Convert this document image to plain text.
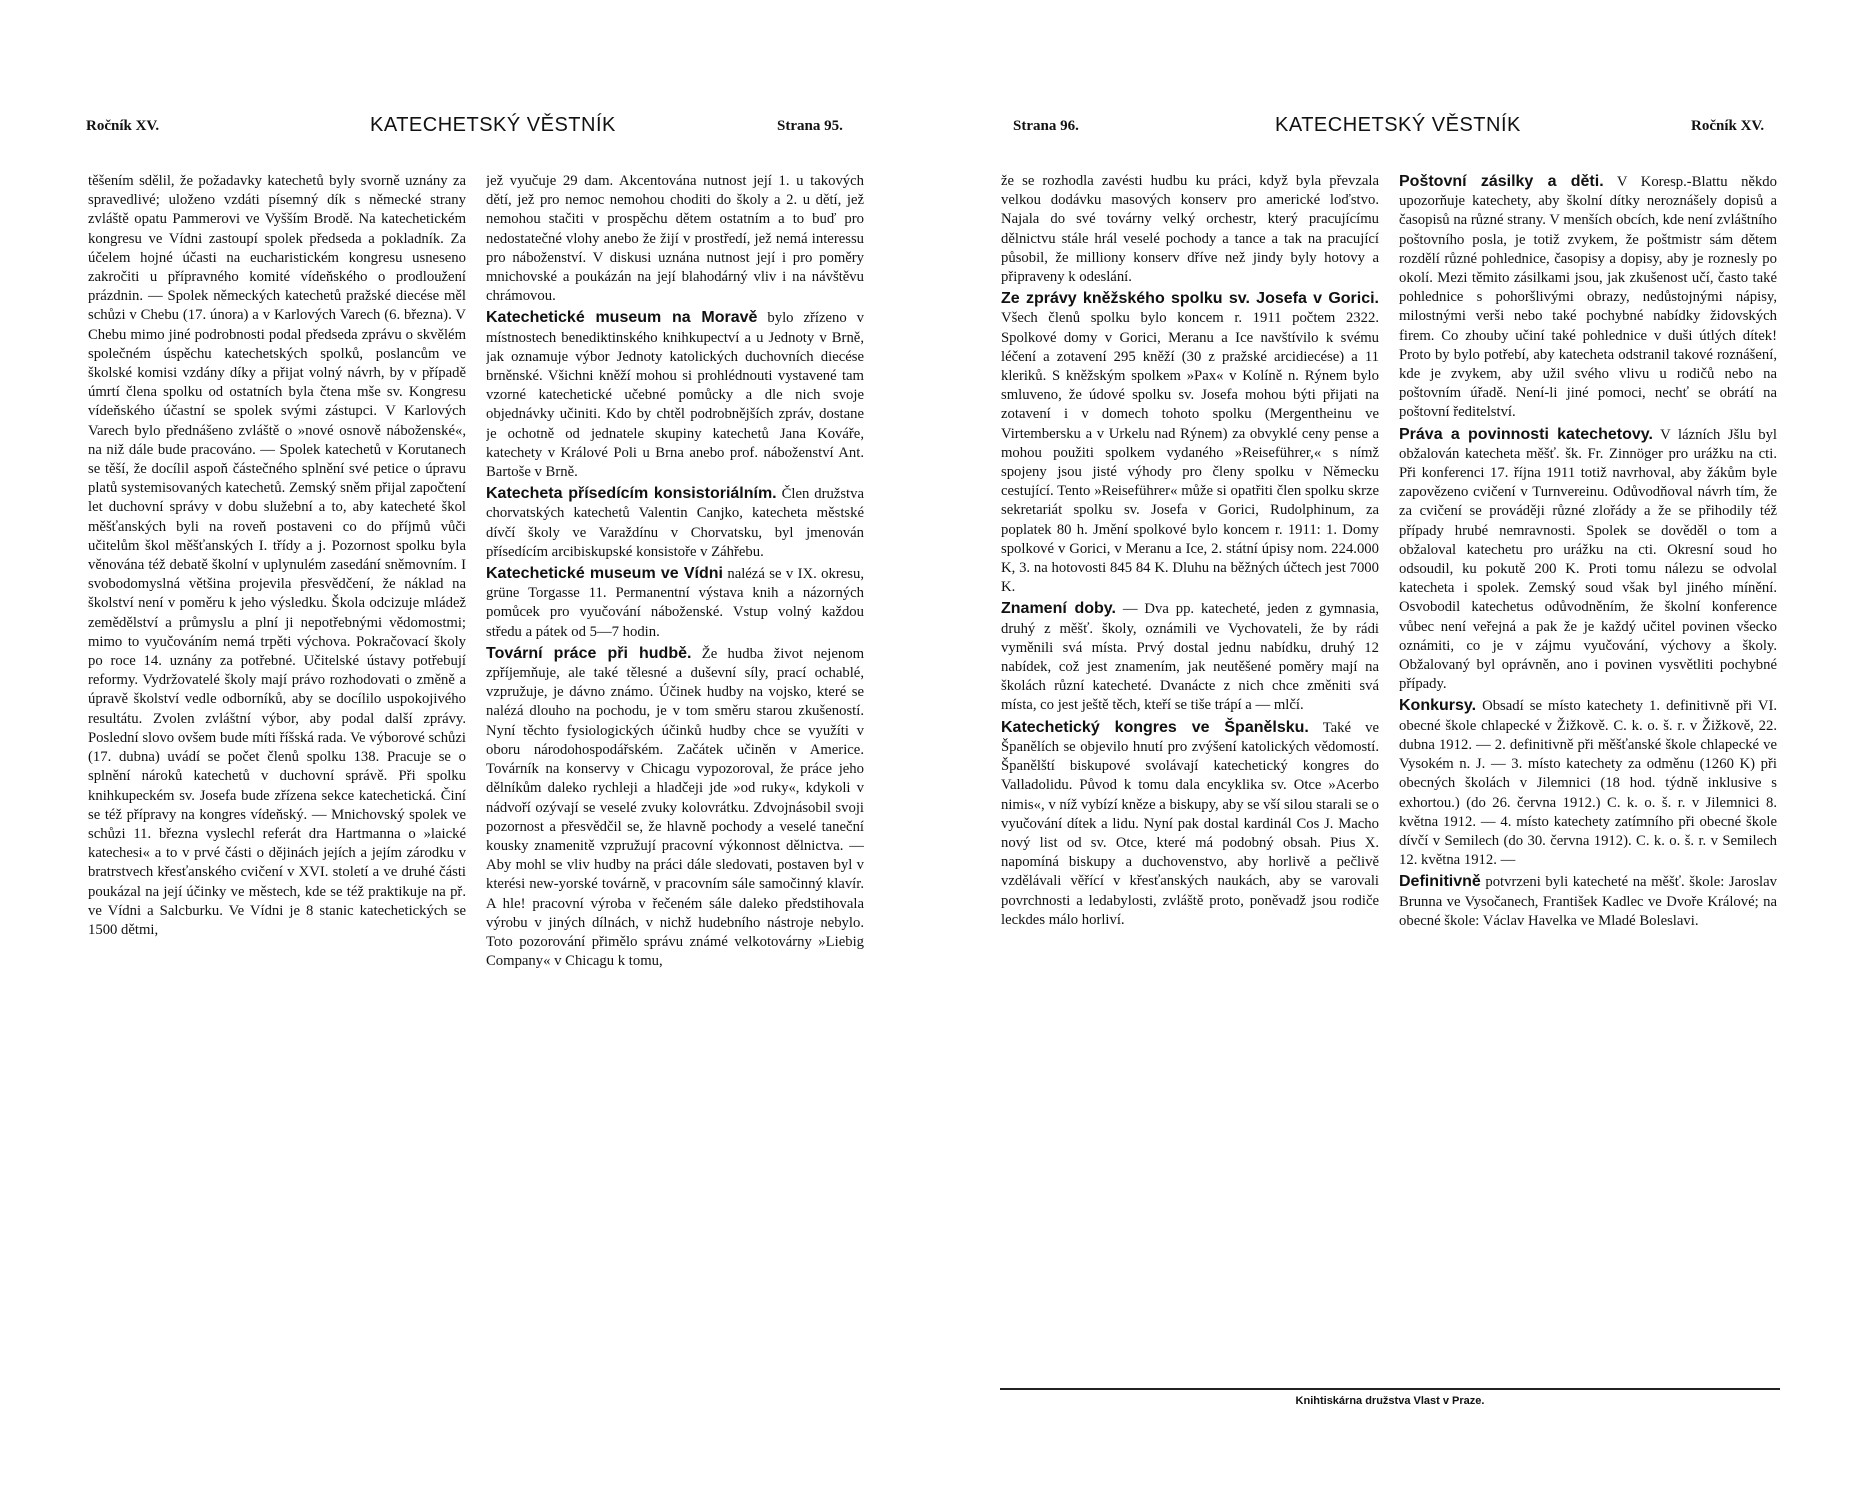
Ročník XV.	KATECHETSKÝ VĚSTNÍK	Strana 95.

těšením sdělil, že požadavky katechetů byly svorně uznány za spravedlivé; uloženo vzdáti písemný dík s německé strany zvláště opatu Pammerovi ve Vyšším Brodě. Na katechetickém kongresu ve Vídni zastoupí spolek předseda a pokladník. Za účelem hojné účasti na eucharistickém kongresu usneseno zakročiti u přípravného komité vídeňského o prodloužení prázdnin. — Spolek německých katechetů pražské diecése měl schůzi v Chebu (17. února) a v Karlových Varech (6. března). V Chebu mimo jiné podrobnosti podal předseda zprávu o skvělém společném úspěchu katechetských spolků, poslancům ve školské komisi vzdány díky a přijat volný návrh, by v případě úmrtí člena spolku od ostatních byla čtena mše sv. Kongresu vídeňského účastní se spolek svými zástupci. V Karlových Varech bylo přednášeno zvláště o »nové osnově náboženské«, na niž dále bude pracováno. — Spolek katechetů v Korutanech se těší, že docílil aspoň částečného splnění své petice o úpravu platů systemisovaných katechetů. Zemský sněm přijal započtení let duchovní správy v dobu služební a to, aby katecheté škol měšťanských byli na roveň postaveni co do příjmů vůči učitelům škol měšťanských I. třídy a j. Pozornost spolku byla věnována též debatě školní v uplynulém zasedání sněmovním. I svobodomyslná většina projevila přesvědčení, že náklad na školství není v poměru k jeho výsledku. Škola odcizuje mládež zemědělství a průmyslu a plní ji nepotřebnými vědomostmi; mimo to vyučováním nemá trpěti výchova. Pokračovací školy po roce 14. uznány za potřebné. Učitelské ústavy potřebují reformy. Vydržovatelé školy mají právo rozhodovati o změně a úpravě školství vedle odborníků, aby se docílilo uspokojivého resultátu. Zvolen zvláštní výbor, aby podal další zprávy. Poslední slovo ovšem bude míti říšská rada. Ve výborové schůzi (17. dubna) uvádí se počet členů spolku 138. Pracuje se o splnění nároků katechetů v duchovní správě. Při spolku knihkupeckém sv. Josefa bude zřízena sekce katechetická. Činí se též přípravy na kongres vídeňský. — Mnichovský spolek ve schůzi 11. března vyslechl referát dra Hartmanna o »laické katechesi« a to v prvé části o dějinách jejích a jejím zárodku v bratrstvech křesťanského cvičení v XVI. století a ve druhé části poukázal na její účinky ve městech, kde se též praktikuje na př. ve Vídni a Salcburku. Ve Vídni je 8 stanic katechetických se 1500 dětmi,

jež vyučuje 29 dam. Akcentována nutnost její 1. u takových dětí, jež pro nemoc nemohou choditi do školy a 2. u dětí, jež nemohou stačiti v prospěchu dětem ostatním a to buď pro nedostatečné vlohy anebo že žijí v prostředí, jež nemá interessu pro náboženství. V diskusi uznána nutnost její i pro poměry mnichovské a poukázán na její blahodárný vliv i na návštěvu chrámovou.

Katechetické museum na Moravě bylo zřízeno v místnostech benediktinského knihkupectví a u Jednoty v Brně, jak oznamuje výbor Jednoty katolických duchovních diecése brněnské. Všichni kněží mohou si prohlédnouti vystavené tam vzorné katechetické učebné pomůcky a dle nich svoje objednávky učiniti. Kdo by chtěl podrobnějších zpráv, dostane je ochotně od jednatele skupiny katechetů Jana Kováře, katechety v Králové Poli u Brna anebo prof. náboženství Ant. Bartoše v Brně.

Katecheta přísedícím konsistoriálním. Člen družstva chorvatských katechetů Valentin Canjko, katecheta městské dívčí školy ve Varaždínu v Chorvatsku, byl jmenován přísedícím arcibiskupské konsistoře v Záhřebu.

Katechetické museum ve Vídni nalézá se v IX. okresu, grüne Torgasse 11. Permanentní výstava knih a názorných pomůcek pro vyučování náboženské. Vstup volný každou středu a pátek od 5—7 hodin.

Tovární práce při hudbě. Že hudba život nejenom zpříjemňuje, ale také tělesné a duševní síly, prací ochablé, vzpružuje, je dávno známo. Účinek hudby na vojsko, které se nalézá dlouho na pochodu, je v tom směru starou zkušeností. Nyní těchto fysiologických účinků hudby chce se využíti v oboru národohospodářském. Začátek učiněn v Americe. Továrník na konservy v Chicagu vypozoroval, že práce jeho dělníkům daleko rychleji a hladčeji jde »od ruky«, kdykoli v nádvoří ozývají se veselé zvuky kolovrátku. Zdvojnásobil svoji pozornost a přesvědčil se, že hlavně pochody a veselé taneční kousky znamenitě vzpružují pracovní výkonnost dělnictva. — Aby mohl se vliv hudby na práci dále sledovati, postaven byl v kterési new-yorské továrně, v pracovním sále samočinný klavír. A hle! pracovní výroba v řečeném sále daleko předstihovala výrobu v jiných dílnách, v nichž hudebního nástroje nebylo. Toto pozorování přimělo správu známé velkotovárny »Liebig Company« v Chicagu k tomu,

Strana 96.	KATECHETSKÝ VĚSTNÍK	Ročník XV.

že se rozhodla zavésti hudbu ku práci, když byla převzala velkou dodávku masových konserv pro americké loďstvo. Najala do své továrny velký orchestr, který pracujícímu dělnictvu stále hrál veselé pochody a tance a tak na pracující působil, že milliony konserv dříve než jindy byly hotovy a připraveny k odeslání.

Ze zprávy kněžského spolku sv. Josefa v Gorici. Všech členů spolku bylo koncem r. 1911 počtem 2322. Spolkové domy v Gorici, Meranu a Ice navštívilo k svému léčení a zotavení 295 kněží (30 z pražské arcidiecése) a 11 kleriků. S kněžským spolkem »Pax« v Kolíně n. Rýnem bylo smluveno, že údové spolku sv. Josefa mohou býti přijati na zotavení i v domech tohoto spolku (Mergentheinu ve Virtembersku a v Urkelu nad Rýnem) za obvyklé ceny pense a mohou použiti spolkem vydaného »Reiseführer,« s nímž spojeny jsou jisté výhody pro členy spolku v Německu cestující. Tento »Reiseführer« může si opatřiti člen spolku skrze sekretariát spolku sv. Josefa v Gorici, Rudolphinum, za poplatek 80 h. Jmění spolkové bylo koncem r. 1911: 1. Domy spolkové v Gorici, v Meranu a Ice, 2. státní úpisy nom. 224.000 K, 3. na hotovosti 845 84 K. Dluhu na běžných účtech jest 7000 K.

Znamení doby. — Dva pp. katecheté, jeden z gymnasia, druhý z měšť. školy, oznámili ve Vychovateli, že by rádi vyměnili svá místa. Prvý dostal jednu nabídku, druhý 12 nabídek, což jest znamením, jak neutěšené poměry mají na školách různí katecheté. Dvanácte z nich chce změniti svá místa, co jest ještě těch, kteří se tiše trápí a — mlčí.

Katechetický kongres ve Španělsku. Také ve Španělích se objevilo hnutí pro zvýšení katolických vědomostí. Španělští biskupové svolávají katechetický kongres do Valladolidu. Původ k tomu dala encyklika sv. Otce »Acerbo nimis«, v níž vybízí kněze a biskupy, aby se vší silou starali se o vyučování dítek a lidu. Nyní pak dostal kardinál Cos J. Macho nový list od sv. Otce, které má podobný obsah. Pius X. napomíná biskupy a duchovenstvo, aby horlivě a pečlivě vzdělávali věřící v křesťanských naukách, aby se varovali povrchnosti a ledabylosti, zvláště proto, poněvadž jsou rodiče leckdes málo horliví.

Poštovní zásilky a děti. V Koresp.-Blattu někdo upozorňuje katechety, aby školní dítky neroznášely dopisů a časopisů na různé strany. V menších obcích, kde není zvláštního poštovního posla, je totiž zvykem, že poštmistr sám dětem rozdělí různé pohlednice, časopisy a dopisy, aby je roznesly po okolí. Mezi těmito zásilkami jsou, jak zkušenost učí, často také pohlednice s pohoršlivými obrazy, nedůstojnými nápisy, milostnými verši nebo také pochybné nabídky židovských firem. Co zhouby učiní také pohlednice v duši útlých dítek! Proto by bylo potřebí, aby katecheta odstranil takové roznášení, kde je zvykem, aby užil svého vlivu u rodičů nebo na poštovním úřadě. Není-li jiné pomoci, nechť se obrátí na poštovní ředitelství.

Práva a povinnosti katechetovy. V lázních Jšlu byl obžalován katecheta měšť. šk. Fr. Zinnöger pro urážku na cti. Při konferenci 17. října 1911 totiž navrhoval, aby žákům byle zapovězeno cvičení v Turnvereinu. Odůvodňoval návrh tím, že za cvičení se prováději různé zlořády a že se přihodily též případy hrubé nemravnosti. Spolek se dověděl o tom a obžaloval katechetu pro urážku na cti. Okresní soud ho odsoudil, ku pokutě 200 K. Proti tomu nálezu se odvolal katecheta i spolek. Zemský soud však byl jiného mínění. Osvobodil katechetus odůvodněním, že školní konference vůbec není veřejná a pak že je každý učitel povinen všecko oznámiti, co je v zájmu vyučování, výchovy a školy. Obžalovaný byl oprávněn, ano i povinen vysvětliti pochybné případy.

Konkursy. Obsadí se místo katechety 1. definitivně při VI. obecné škole chlapecké v Žižkově. C. k. o. š. r. v Žižkově, 22. dubna 1912. — 2. definitivně při měšťanské škole chlapecké ve Vysokém n. J. — 3. místo katechety za odměnu (1260 K) při obecných školách v Jilemnici (18 hod. týdně inklusive s exhortou.) (do 26. června 1912.) C. k. o. š. r. v Jilemnici 8. května 1912. — 4. místo katechety zatímního při obecné škole dívčí v Semilech (do 30. června 1912). C. k. o. š. r. v Semilech 12. května 1912. —

Definitivně potvrzeni byli katecheté na měšť. škole: Jaroslav Brunna ve Vysočanech, František Kadlec ve Dvoře Králové; na obecné škole: Václav Havelka ve Mladé Boleslavi.

Knihtiskárna družstva Vlast v Praze.
